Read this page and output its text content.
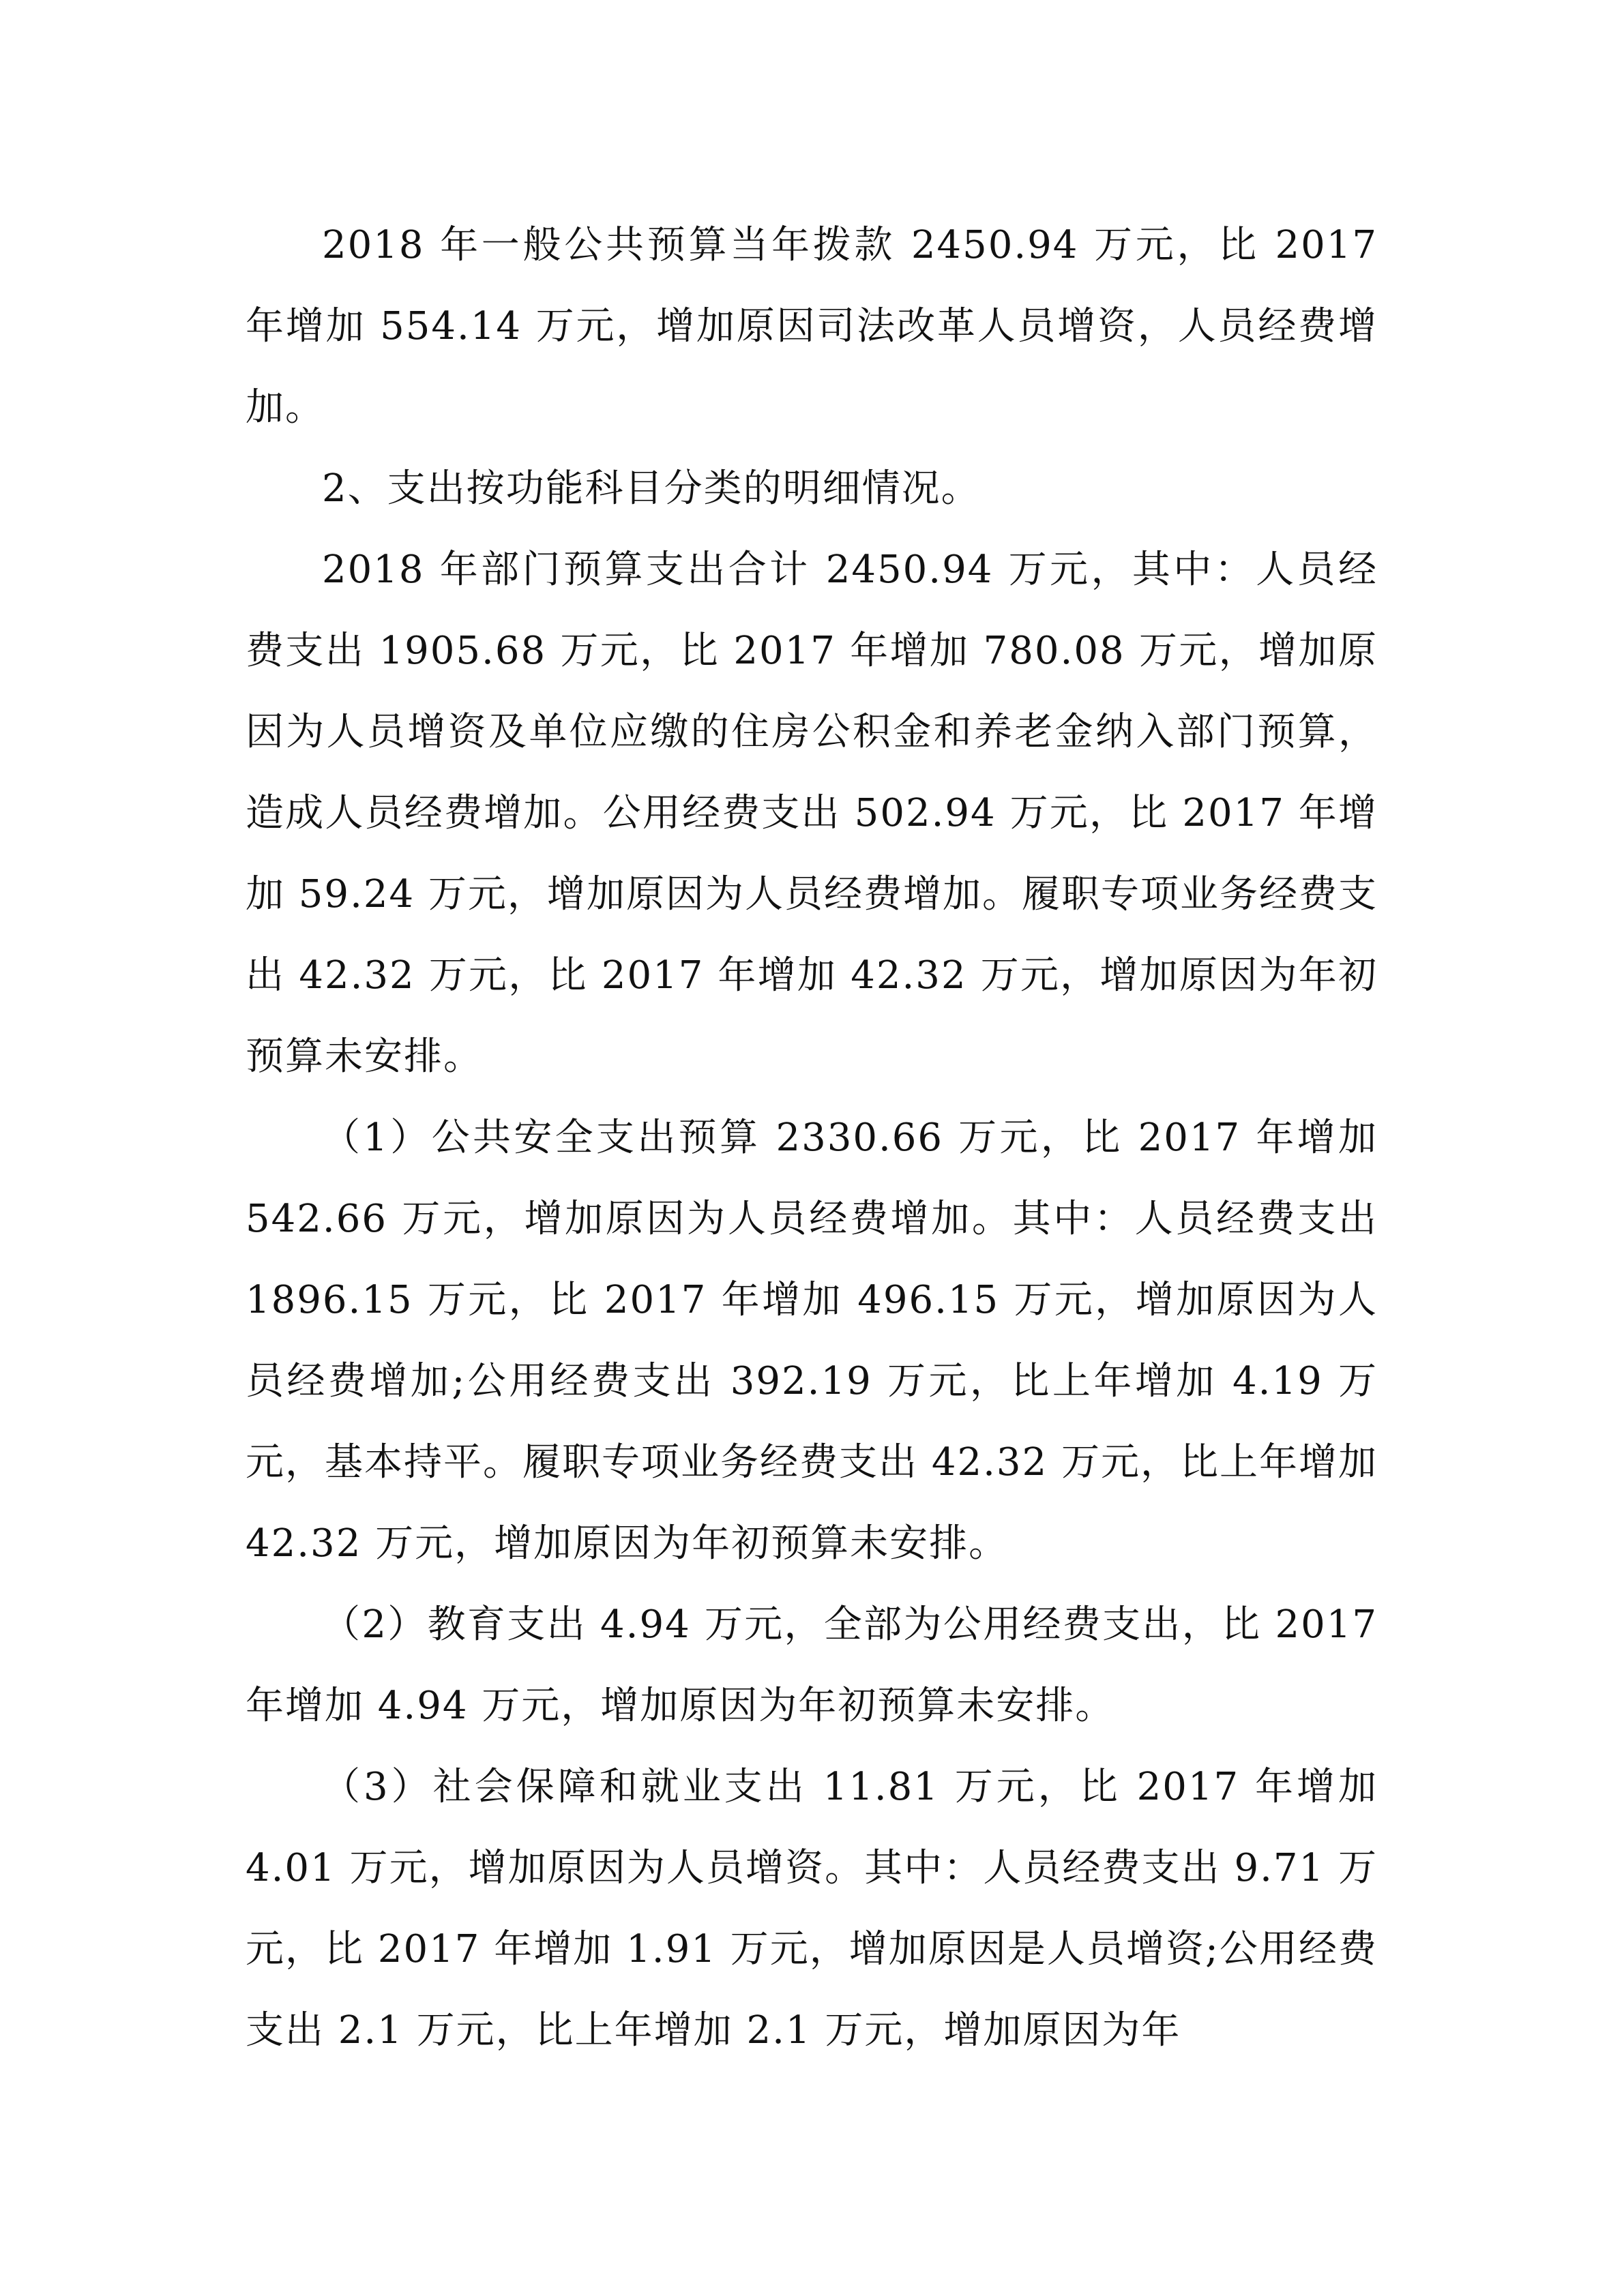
2018 年一般公共预算当年拨款 2450.94 万元，比 2017 年增加 554.14 万元，增加原因司法改革人员增资，人员经费增加。

2、支出按功能科目分类的明细情况。

2018 年部门预算支出合计 2450.94 万元，其中：人员经费支出 1905.68 万元，比 2017 年增加 780.08 万元，增加原因为人员增资及单位应缴的住房公积金和养老金纳入部门预算，造成人员经费增加。公用经费支出 502.94 万元，比 2017 年增加 59.24 万元，增加原因为人员经费增加。履职专项业务经费支出 42.32 万元，比 2017 年增加 42.32 万元，增加原因为年初预算未安排。

（1）公共安全支出预算 2330.66 万元，比 2017 年增加 542.66 万元，增加原因为人员经费增加。其中：人员经费支出 1896.15 万元，比 2017 年增加 496.15 万元，增加原因为人员经费增加;公用经费支出 392.19 万元，比上年增加 4.19 万元，基本持平。履职专项业务经费支出 42.32 万元，比上年增加 42.32 万元，增加原因为年初预算未安排。

（2）教育支出 4.94 万元，全部为公用经费支出，比 2017 年增加 4.94 万元，增加原因为年初预算未安排。

（3）社会保障和就业支出 11.81 万元，比 2017 年增加 4.01 万元，增加原因为人员增资。其中：人员经费支出 9.71 万元，比 2017 年增加 1.91 万元，增加原因是人员增资;公用经费支出 2.1 万元，比上年增加 2.1 万元，增加原因为年
